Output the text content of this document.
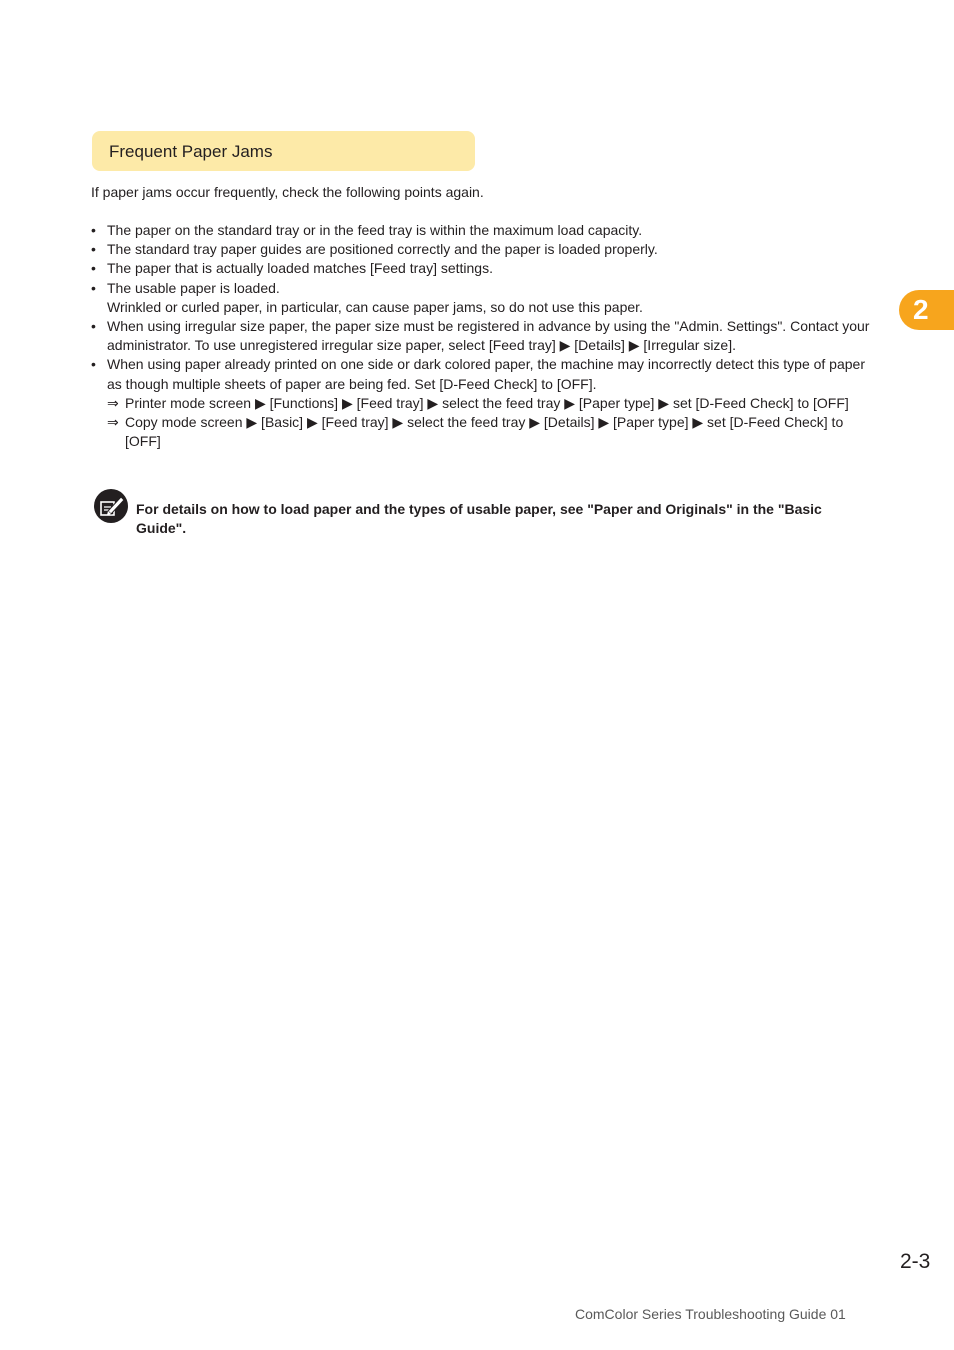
Frequent Paper Jams
If paper jams occur frequently, check the following points again.
• The paper on the standard tray or in the feed tray is within the maximum load capacity.
• The standard tray paper guides are positioned correctly and the paper is loaded properly.
• The paper that is actually loaded matches [Feed tray] settings.
• The usable paper is loaded.
Wrinkled or curled paper, in particular, can cause paper jams, so do not use this paper.
• When using irregular size paper, the paper size must be registered in advance by using the "Admin. Settings". Contact your administrator. To use unregistered irregular size paper, select [Feed tray] ▶ [Details] ▶ [Irregular size].
• When using paper already printed on one side or dark colored paper, the machine may incorrectly detect this type of paper as though multiple sheets of paper are being fed. Set [D-Feed Check] to [OFF].
⇒ Printer mode screen ▶ [Functions] ▶ [Feed tray] ▶ select the feed tray ▶ [Paper type] ▶ set [D-Feed Check] to [OFF]
⇒ Copy mode screen ▶ [Basic] ▶ [Feed tray] ▶ select the feed tray ▶ [Details] ▶ [Paper type] ▶ set [D-Feed Check] to [OFF]
For details on how to load paper and the types of usable paper, see "Paper and Originals" in the "Basic Guide".
2
2-3
ComColor Series Troubleshooting Guide 01
